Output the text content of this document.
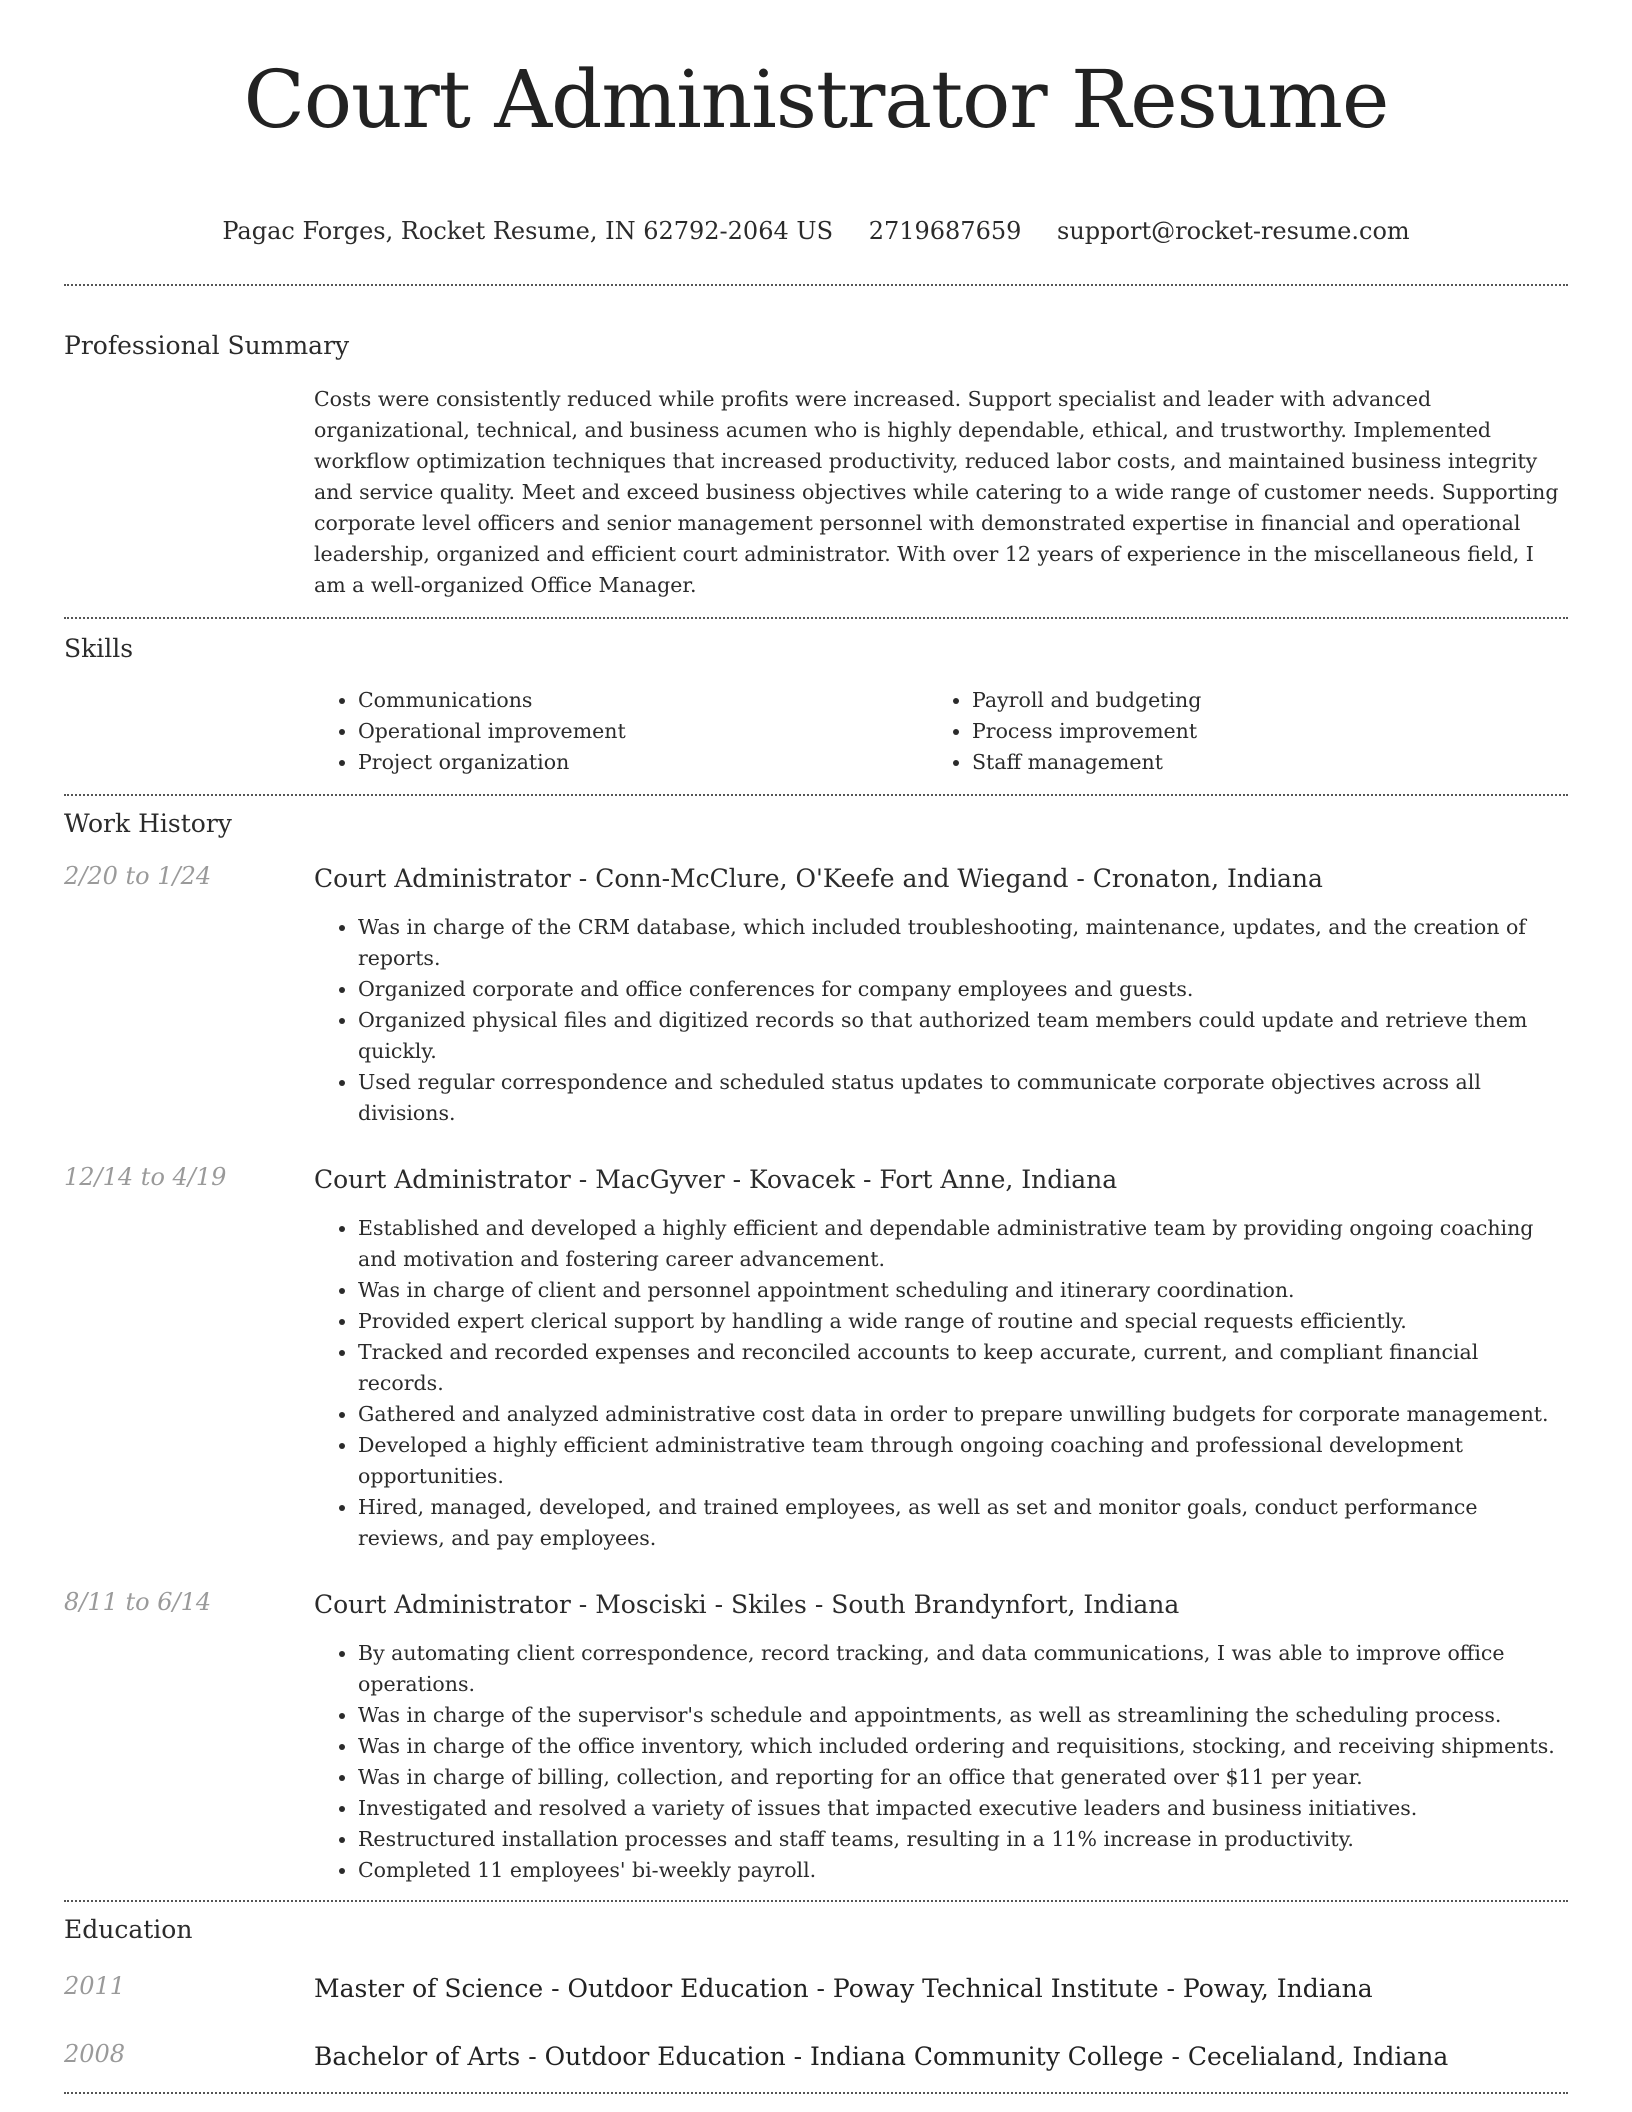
Court Administrator Resume
Pagac Forges, Rocket Resume, IN 62792-2064 US 2719687659 support@rocket-resume.com
Professional Summary

Costs were consistently reduced while profits were increased. Support specialist and leader with advanced organizational, technical, and business acumen who is highly dependable, ethical, and trustworthy. Implemented workflow optimization techniques that increased productivity, reduced labor costs, and maintained business integrity and service quality. Meet and exceed business objectives while catering to a wide range of customer needs. Supporting corporate level officers and senior management personnel with demonstrated expertise in financial and operational leadership, organized and efficient court administrator. With over 12 years of experience in the miscellaneous field, I am a well-organized Office Manager.

Skills
• Communications
• Operational improvement
• Project organization
• Payroll and budgeting
• Process improvement
• Staff management
Work History
2/20 to 1/24	Court Administrator - Conn-McClure, O'Keefe and Wiegand - Cronaton, Indiana
• Was in charge of the CRM database, which included troubleshooting, maintenance, updates, and the creation of reports.
• Organized corporate and office conferences for company employees and guests.
• Organized physical files and digitized records so that authorized team members could update and retrieve them quickly.
• Used regular correspondence and scheduled status updates to communicate corporate objectives across all divisions.
12/14 to 4/19	Court Administrator - MacGyver - Kovacek - Fort Anne, Indiana
• Established and developed a highly efficient and dependable administrative team by providing ongoing coaching and motivation and fostering career advancement.
• Was in charge of client and personnel appointment scheduling and itinerary coordination.
• Provided expert clerical support by handling a wide range of routine and special requests efficiently.
• Tracked and recorded expenses and reconciled accounts to keep accurate, current, and compliant financial records.
• Gathered and analyzed administrative cost data in order to prepare unwilling budgets for corporate management.
• Developed a highly efficient administrative team through ongoing coaching and professional development opportunities.
• Hired, managed, developed, and trained employees, as well as set and monitor goals, conduct performance reviews, and pay employees.
8/11 to 6/14	Court Administrator - Mosciski - Skiles - South Brandynfort, Indiana
• By automating client correspondence, record tracking, and data communications, I was able to improve office operations.
• Was in charge of the supervisor's schedule and appointments, as well as streamlining the scheduling process.
• Was in charge of the office inventory, which included ordering and requisitions, stocking, and receiving shipments.
• Was in charge of billing, collection, and reporting for an office that generated over $11 per year.
• Investigated and resolved a variety of issues that impacted executive leaders and business initiatives.
• Restructured installation processes and staff teams, resulting in a 11% increase in productivity.
• Completed 11 employees' bi-weekly payroll.
Education
2011	Master of Science - Outdoor Education - Poway Technical Institute - Poway, Indiana
2008	Bachelor of Arts - Outdoor Education - Indiana Community College - Cecelialand, Indiana
